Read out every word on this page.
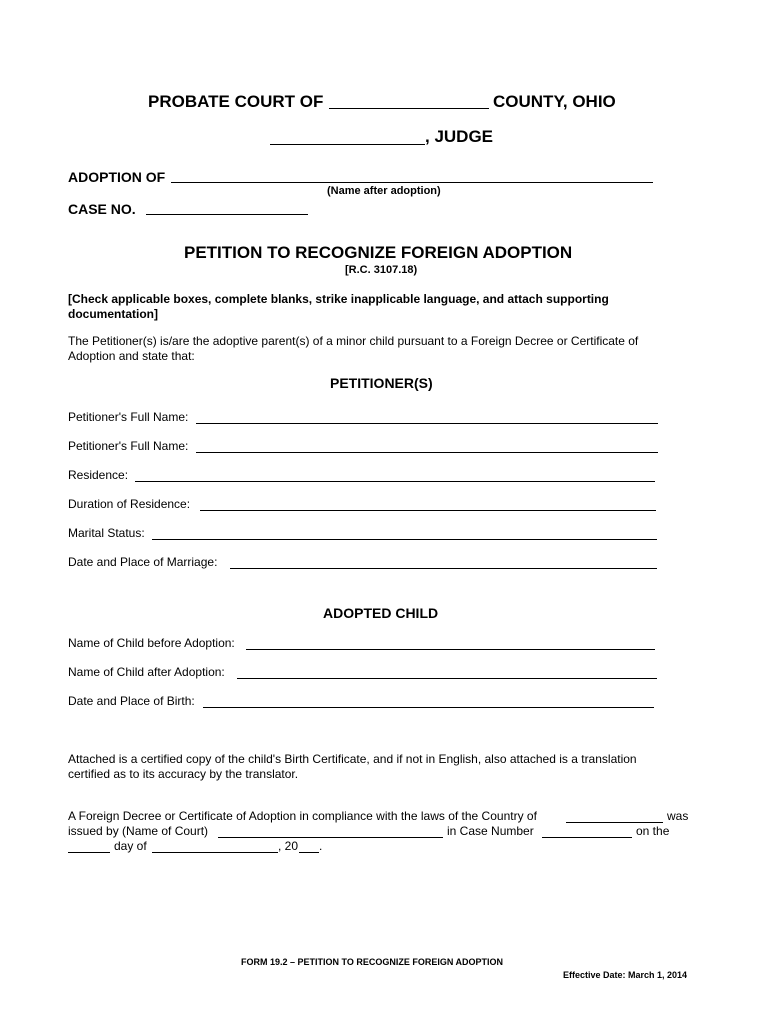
PROBATE COURT OF	COUNTY, OHIO
, JUDGE
ADOPTION OF
(Name after adoption)
CASE NO.
PETITION TO RECOGNIZE FOREIGN ADOPTION
[R.C. 3107.18)
[Check applicable boxes, complete blanks, strike inapplicable language, and attach supporting documentation]
The Petitioner(s) is/are the adoptive parent(s) of a minor child pursuant to a Foreign Decree or Certificate of Adoption and state that:
PETITIONER(S)
Petitioner's Full Name:
Petitioner's Full Name:
Residence:
Duration of Residence:
Marital Status:
Date and Place of Marriage:
ADOPTED CHILD
Name of Child before Adoption:
Name of Child after Adoption:
Date and Place of Birth:
Attached is a certified copy of the child's Birth Certificate, and if not in English, also attached is a translation certified as to its accuracy by the translator.
A Foreign Decree or Certificate of Adoption in compliance with the laws of the Country of	was
issued by (Name of Court)	in Case Number	on the
day of	, 20 .
FORM 19.2 – PETITION TO RECOGNIZE FOREIGN ADOPTION
Effective Date: March 1, 2014
